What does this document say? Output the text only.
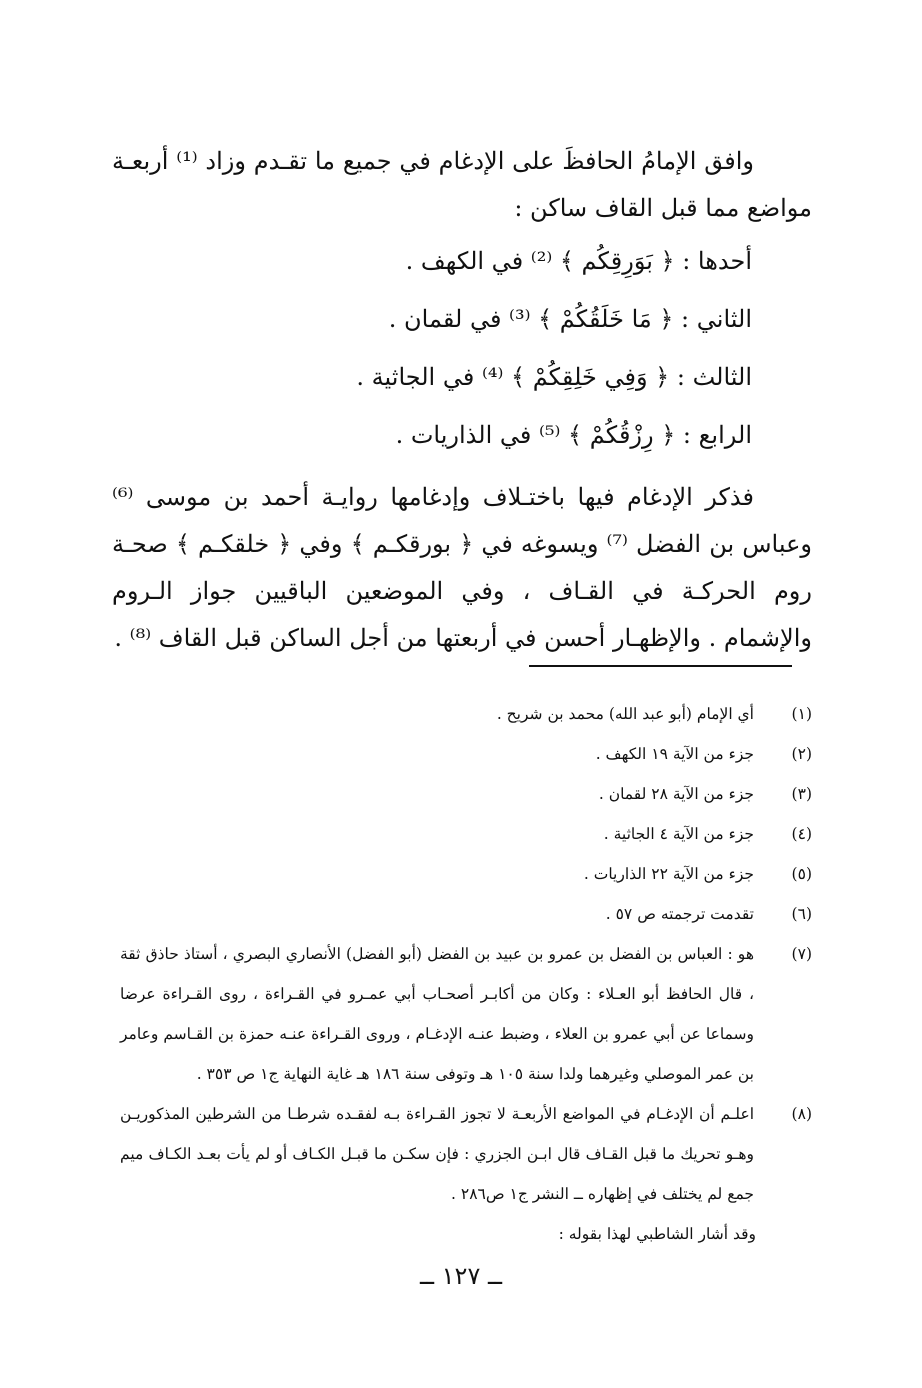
وافق الإمامُ الحافظَ على الإدغام في جميع ما تقـدم وزاد ⁽¹⁾ أربعـة مواضع مما قبل القاف ساكن :

أحدها : ﴿ بَوَرِقِكُم ﴾ ⁽²⁾ في الكهف .

الثاني : ﴿ مَا خَلَقُكُمْ ﴾ ⁽³⁾ في لقمان .

الثالث : ﴿ وَفِي خَلِقِكُمْ ﴾ ⁽⁴⁾ في الجاثية .

الرابع : ﴿ رِزْقُكُمْ ﴾ ⁽⁵⁾ في الذاريات .

فذكر الإدغام فيها باختـلاف وإدغامها روايـة أحمد بن موسى ⁽⁶⁾ وعباس بن الفضل ⁽⁷⁾ ويسوغه في ﴿ بورقكـم ﴾ وفي ﴿ خلقكـم ﴾ صحـة روم الحركـة في القـاف ، وفي الموضعين الباقيين جواز الـروم والإشمام . والإظهـار أحسن في أربعتها من أجل الساكن قبل القاف ⁽⁸⁾ .

(١)
أي الإمام (أبو عبد الله) محمد بن شريح .
(٢)
جزء من الآية ١٩ الكهف .
(٣)
جزء من الآية ٢٨ لقمان .
(٤)
جزء من الآية ٤ الجاثية .
(٥)
جزء من الآية ٢٢ الذاريات .
(٦)
تقدمت ترجمته ص ٥٧ .
(٧)
هو : العباس بن الفضل بن عمرو بن عبيد بن الفضل (أبو الفضل) الأنصاري البصري ، أستاذ حاذق ثقة ، قال الحافظ أبو العـلاء : وكان من أكابـر أصحـاب أبي عمـرو في القـراءة ، روى القـراءة عرضا وسماعا عن أبي عمرو بن العلاء ، وضبط عنـه الإدغـام ، وروى القـراءة عنـه حمزة بن القـاسم وعامر بن عمر الموصلي وغيرهما ولدا سنة ١٠٥ هـ وتوفى سنة ١٨٦ هـ غاية النهاية ج١ ص ٣٥٣ .
(٨)
اعلـم أن الإدغـام في المواضع الأربعـة لا تجوز القـراءة بـه لفقـده شرطـا من الشرطين المذكوريـن وهـو تحريك ما قبل القـاف قال ابـن الجزري : فإن سكـن ما قبـل الكـاف أو لم يأت بعـد الكـاف ميم جمع لم يختلف في إظهاره ــ النشر ج١ ص٢٨٦ .
وقد أشار الشاطبي لهذا بقوله :
ــ ١٢٧ ــ
